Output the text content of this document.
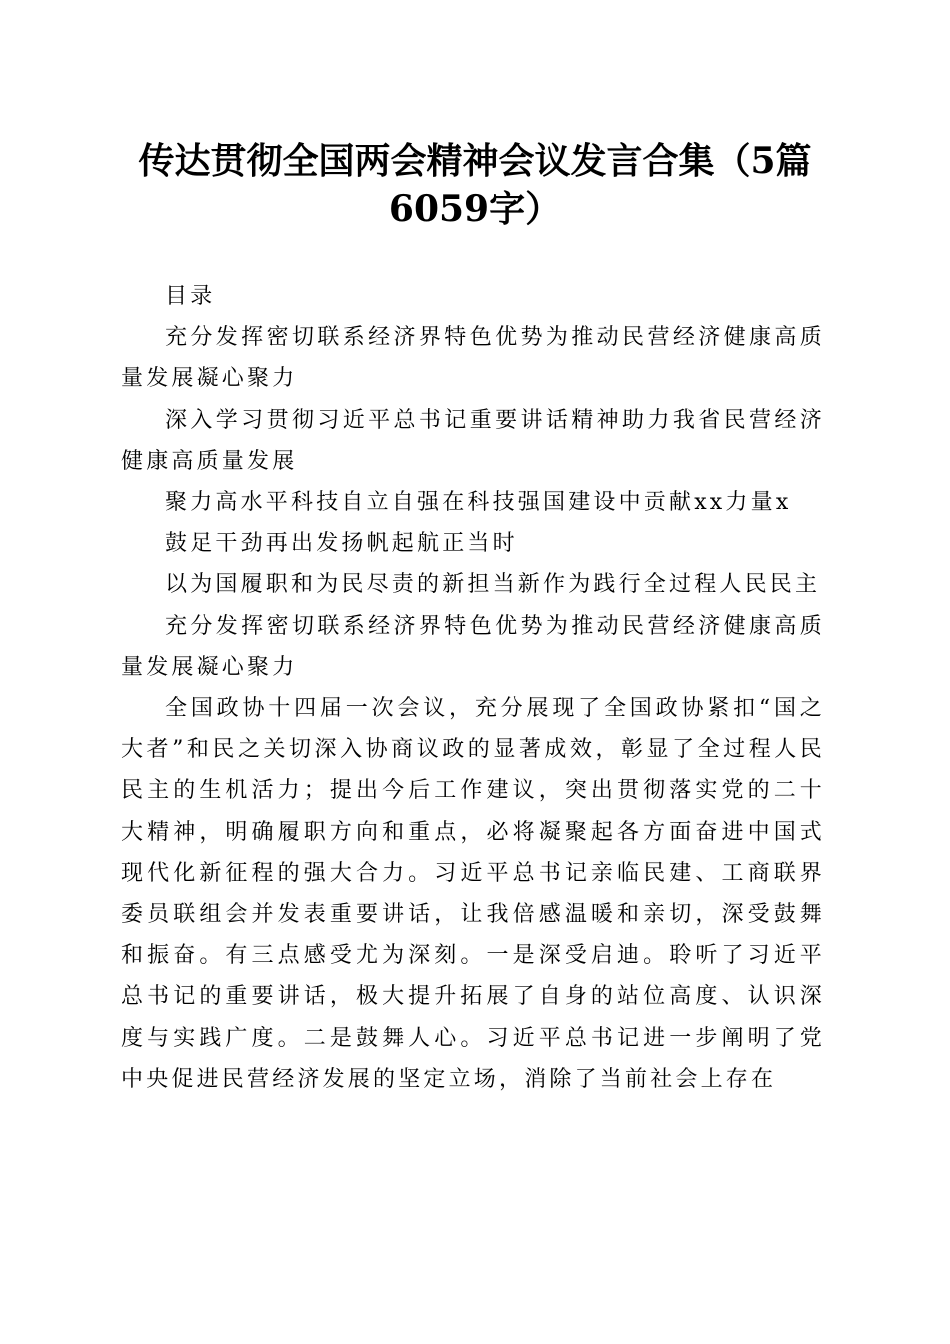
传达贯彻全国两会精神会议发言合集（5篇6059字）

目录

充分发挥密切联系经济界特色优势为推动民营经济健康高质量发展凝心聚力

深入学习贯彻习近平总书记重要讲话精神助力我省民营经济健康高质量发展

聚力高水平科技自立自强在科技强国建设中贡献xx力量x

鼓足干劲再出发扬帆起航正当时

以为国履职和为民尽责的新担当新作为践行全过程人民民主

充分发挥密切联系经济界特色优势为推动民营经济健康高质量发展凝心聚力

全国政协十四届一次会议，充分展现了全国政协紧扣“国之大者”和民之关切深入协商议政的显著成效，彰显了全过程人民民主的生机活力；提出今后工作建议，突出贯彻落实党的二十大精神，明确履职方向和重点，必将凝聚起各方面奋进中国式现代化新征程的强大合力。习近平总书记亲临民建、工商联界委员联组会并发表重要讲话，让我倍感温暖和亲切，深受鼓舞和振奋。有三点感受尤为深刻。一是深受启迪。聆听了习近平总书记的重要讲话，极大提升拓展了自身的站位高度、认识深度与实践广度。二是鼓舞人心。习近平总书记进一步阐明了党中央促进民营经济发展的坚定立场，消除了当前社会上存在
